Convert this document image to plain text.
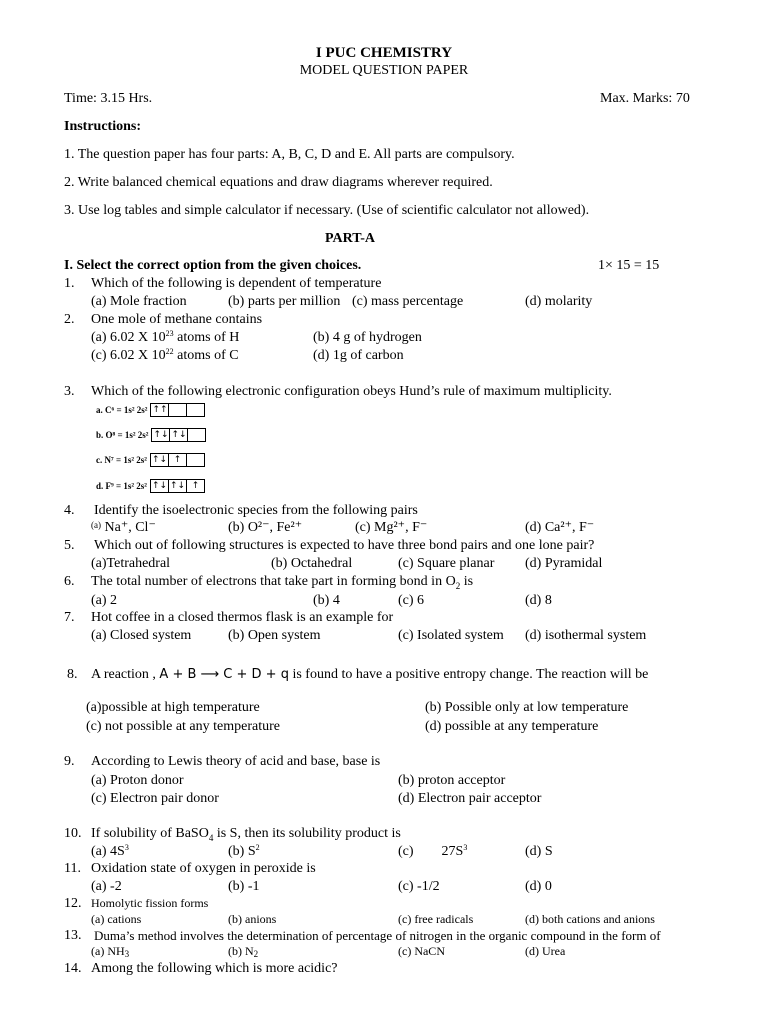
I PUC CHEMISTRY
MODEL QUESTION PAPER
Time: 3.15 Hrs.	Max. Marks: 70
Instructions:
1. The question paper has four parts: A, B, C, D and E. All parts are compulsory.
2. Write balanced chemical equations and draw diagrams wherever required.
3. Use log tables and simple calculator if necessary. (Use of scientific calculator not allowed).
PART-A
I. Select the correct option from the given choices.	1× 15 = 15
1. Which of the following is dependent of temperature
(a) Mole fraction	(b) parts per million (c) mass percentage	(d) molarity
2. One mole of methane contains
(a) 6.02 X $10^{23}$ atoms of H	(b) 4 g of hydrogen
(c) 6.02 X $10^{22}$ atoms of C	(d) 1g of carbon
3. Which of the following electronic configuration obeys Hund’s rule of maximum multiplicity.
a. C⁶ = 1s² 2s² ↑↑
b. O⁸ = 1s² 2s² ↑↓ ↑↓
c. N⁷ = 1s² 2s² ↑↓ ↑
d. F⁹ = 1s² 2s² ↑↓ ↑↓ ↑
4. Identify the isoelectronic species from the following pairs
$^{(a)}$ Na⁺, Cl⁻	(b) O²⁻, Fe²⁺	(c) Mg²⁺, F⁻	(d) Ca²⁺, F⁻
5. Which out of following structures is expected to have three bond pairs and one lone pair?
(a)Tetrahedral	(b) Octahedral	(c) Square planar (d) Pyramidal
6. The total number of electrons that take part in forming bond in $O_2$ is
(a) 2	(b) 4	(c) 6	(d) 8
7. Hot coffee in a closed thermos flask is an example for
(a) Closed system	(b) Open system	(c) Isolated system (d) isothermal system
8. A reaction , A + B ⟶ C + D + q is found to have a positive entropy change. The reaction will be
(a)possible at high temperature	(b) Possible only at low temperature
(c) not possible at any temperature	(d) possible at any temperature
9. According to Lewis theory of acid and base, base is
(a) Proton donor	(b) proton acceptor
(c) Electron pair donor	(d) Electron pair acceptor
10. If solubility of BaSO$_4$ is S, then its solubility product is
(a) $4S^3$	(b) $S^2$	(c) $27S^3$	(d) S
11. Oxidation state of oxygen in peroxide is
(a) -2	(b) -1	(c) -1/2	(d) 0
12. Homolytic fission forms
(a) cations	(b) anions	(c) free radicals	(d) both cations and anions
13. Duma’s method involves the determination of percentage of nitrogen in the organic compound in the form of
(a) $NH_3$	(b) $N_2$	(c) NaCN	(d) Urea
14. Among the following which is more acidic?
